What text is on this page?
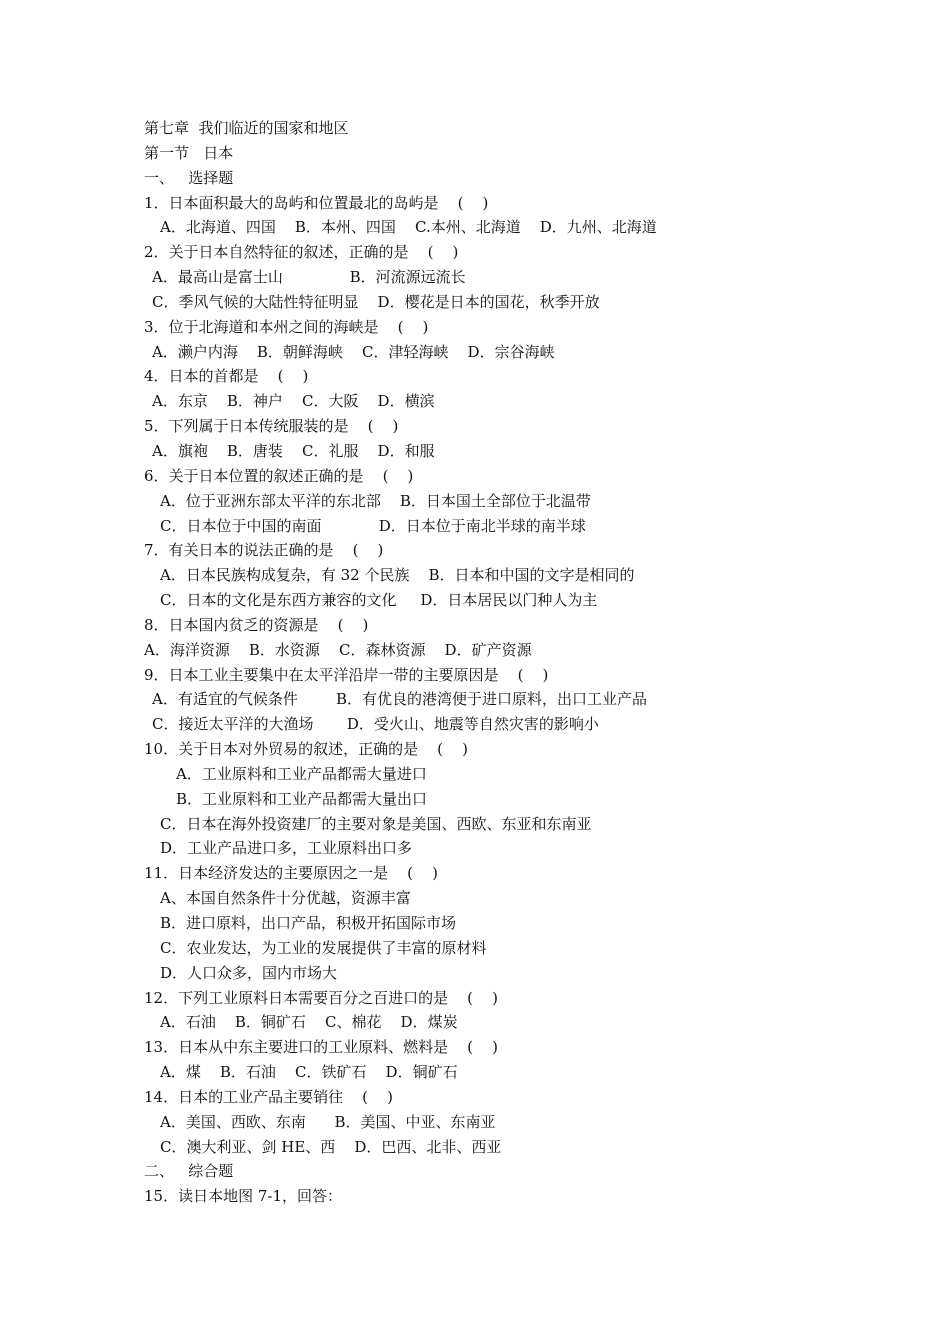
第七章  我们临近的国家和地区
第一节   日本
一、   选择题
1．日本面积最大的岛屿和位置最北的岛屿是    (    )
A．北海道、四国    B．本州、四国    C.本州、北海道    D．九州、北海道
2．关于日本自然特征的叙述，正确的是    (    )
A．最高山是富士山              B．河流源远流长
C．季风气候的大陆性特征明显    D．樱花是日本的国花，秋季开放
3．位于北海道和本州之间的海峡是    (    )
A．濑户内海    B．朝鲜海峡    C．津轻海峡    D．宗谷海峡
4．日本的首都是    (    )
A．东京    B．神户    C．大阪    D．横滨
5．下列属于日本传统服装的是    (    )
A．旗袍    B．唐装    C．礼服    D．和服
6．关于日本位置的叙述正确的是    (    )
A．位于亚洲东部太平洋的东北部    B．日本国土全部位于北温带
C．日本位于中国的南面            D．日本位于南北半球的南半球
7．有关日本的说法正确的是    (    )
A．日本民族构成复杂，有 32 个民族    B．日本和中国的文字是相同的
C．日本的文化是东西方兼容的文化     D．日本居民以门种人为主
8．日本国内贫乏的资源是    (    )
A．海洋资源    B．水资源    C．森林资源    D．矿产资源
9．日本工业主要集中在太平洋沿岸一带的主要原因是    (    )
A．有适宜的气候条件        B．有优良的港湾便于进口原料，出口工业产品
C．接近太平洋的大渔场       D．受火山、地震等自然灾害的影响小
10．关于日本对外贸易的叙述，正确的是    (    )
A．工业原料和工业产品都需大量进口
B．工业原料和工业产品都需大量出口
C．日本在海外投资建厂的主要对象是美国、西欧、东亚和东南亚
D．工业产品进口多，工业原料出口多
11．日本经济发达的主要原因之一是    (    )
A、本国自然条件十分优越，资源丰富
B．进口原料，出口产品，积极开拓国际市场
C．农业发达，为工业的发展提供了丰富的原材料
D．人口众多，国内市场大
12．下列工业原料日本需要百分之百进口的是    (    )
A．石油    B．铜矿石    C、棉花    D．煤炭
13．日本从中东主要进口的工业原料、燃料是    (    )
A．煤    B．石油    C．铁矿石    D．铜矿石
14．日本的工业产品主要销往    (    )
A．美国、西欧、东南      B．美国、中亚、东南亚
C．澳大利亚、剑 HE、西    D．巴西、北非、西亚
二、   综合题
15．读日本地图 7-1，回答：
